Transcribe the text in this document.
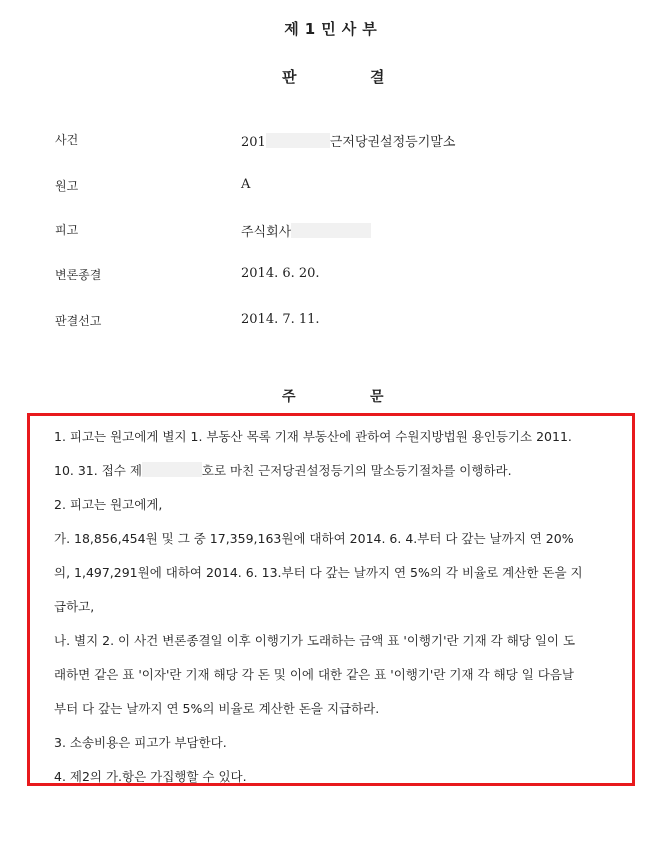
제1민사부
판	결
사건	201	근저당권설정등기말소
원고	A
피고	주식회사
변론종결	2014. 6. 20.
판결선고	2014. 7. 11.
주	문
1. 피고는 원고에게 별지 1. 부동산 목록 기재 부동산에 관하여 수원지방법원 용인등기소 2011.
10. 31. 접수 제	호로 마친 근저당권설정등기의 말소등기절차를 이행하라.
2. 피고는 원고에게,
가. 18,856,454원 및 그 중 17,359,163원에 대하여 2014. 6. 4.부터 다 갚는 날까지 연 20%
의, 1,497,291원에 대하여 2014. 6. 13.부터 다 갚는 날까지 연 5%의 각 비율로 계산한 돈을 지
급하고,
나. 별지 2. 이 사건 변론종결일 이후 이행기가 도래하는 금액 표 '이행기'란 기재 각 해당 일이 도
래하면 같은 표 '이자'란 기재 해당 각 돈 및 이에 대한 같은 표 '이행기'란 기재 각 해당 일 다음날
부터 다 갚는 날까지 연 5%의 비율로 계산한 돈을 지급하라.
3. 소송비용은 피고가 부담한다.
4. 제2의 가.항은 가집행할 수 있다.
